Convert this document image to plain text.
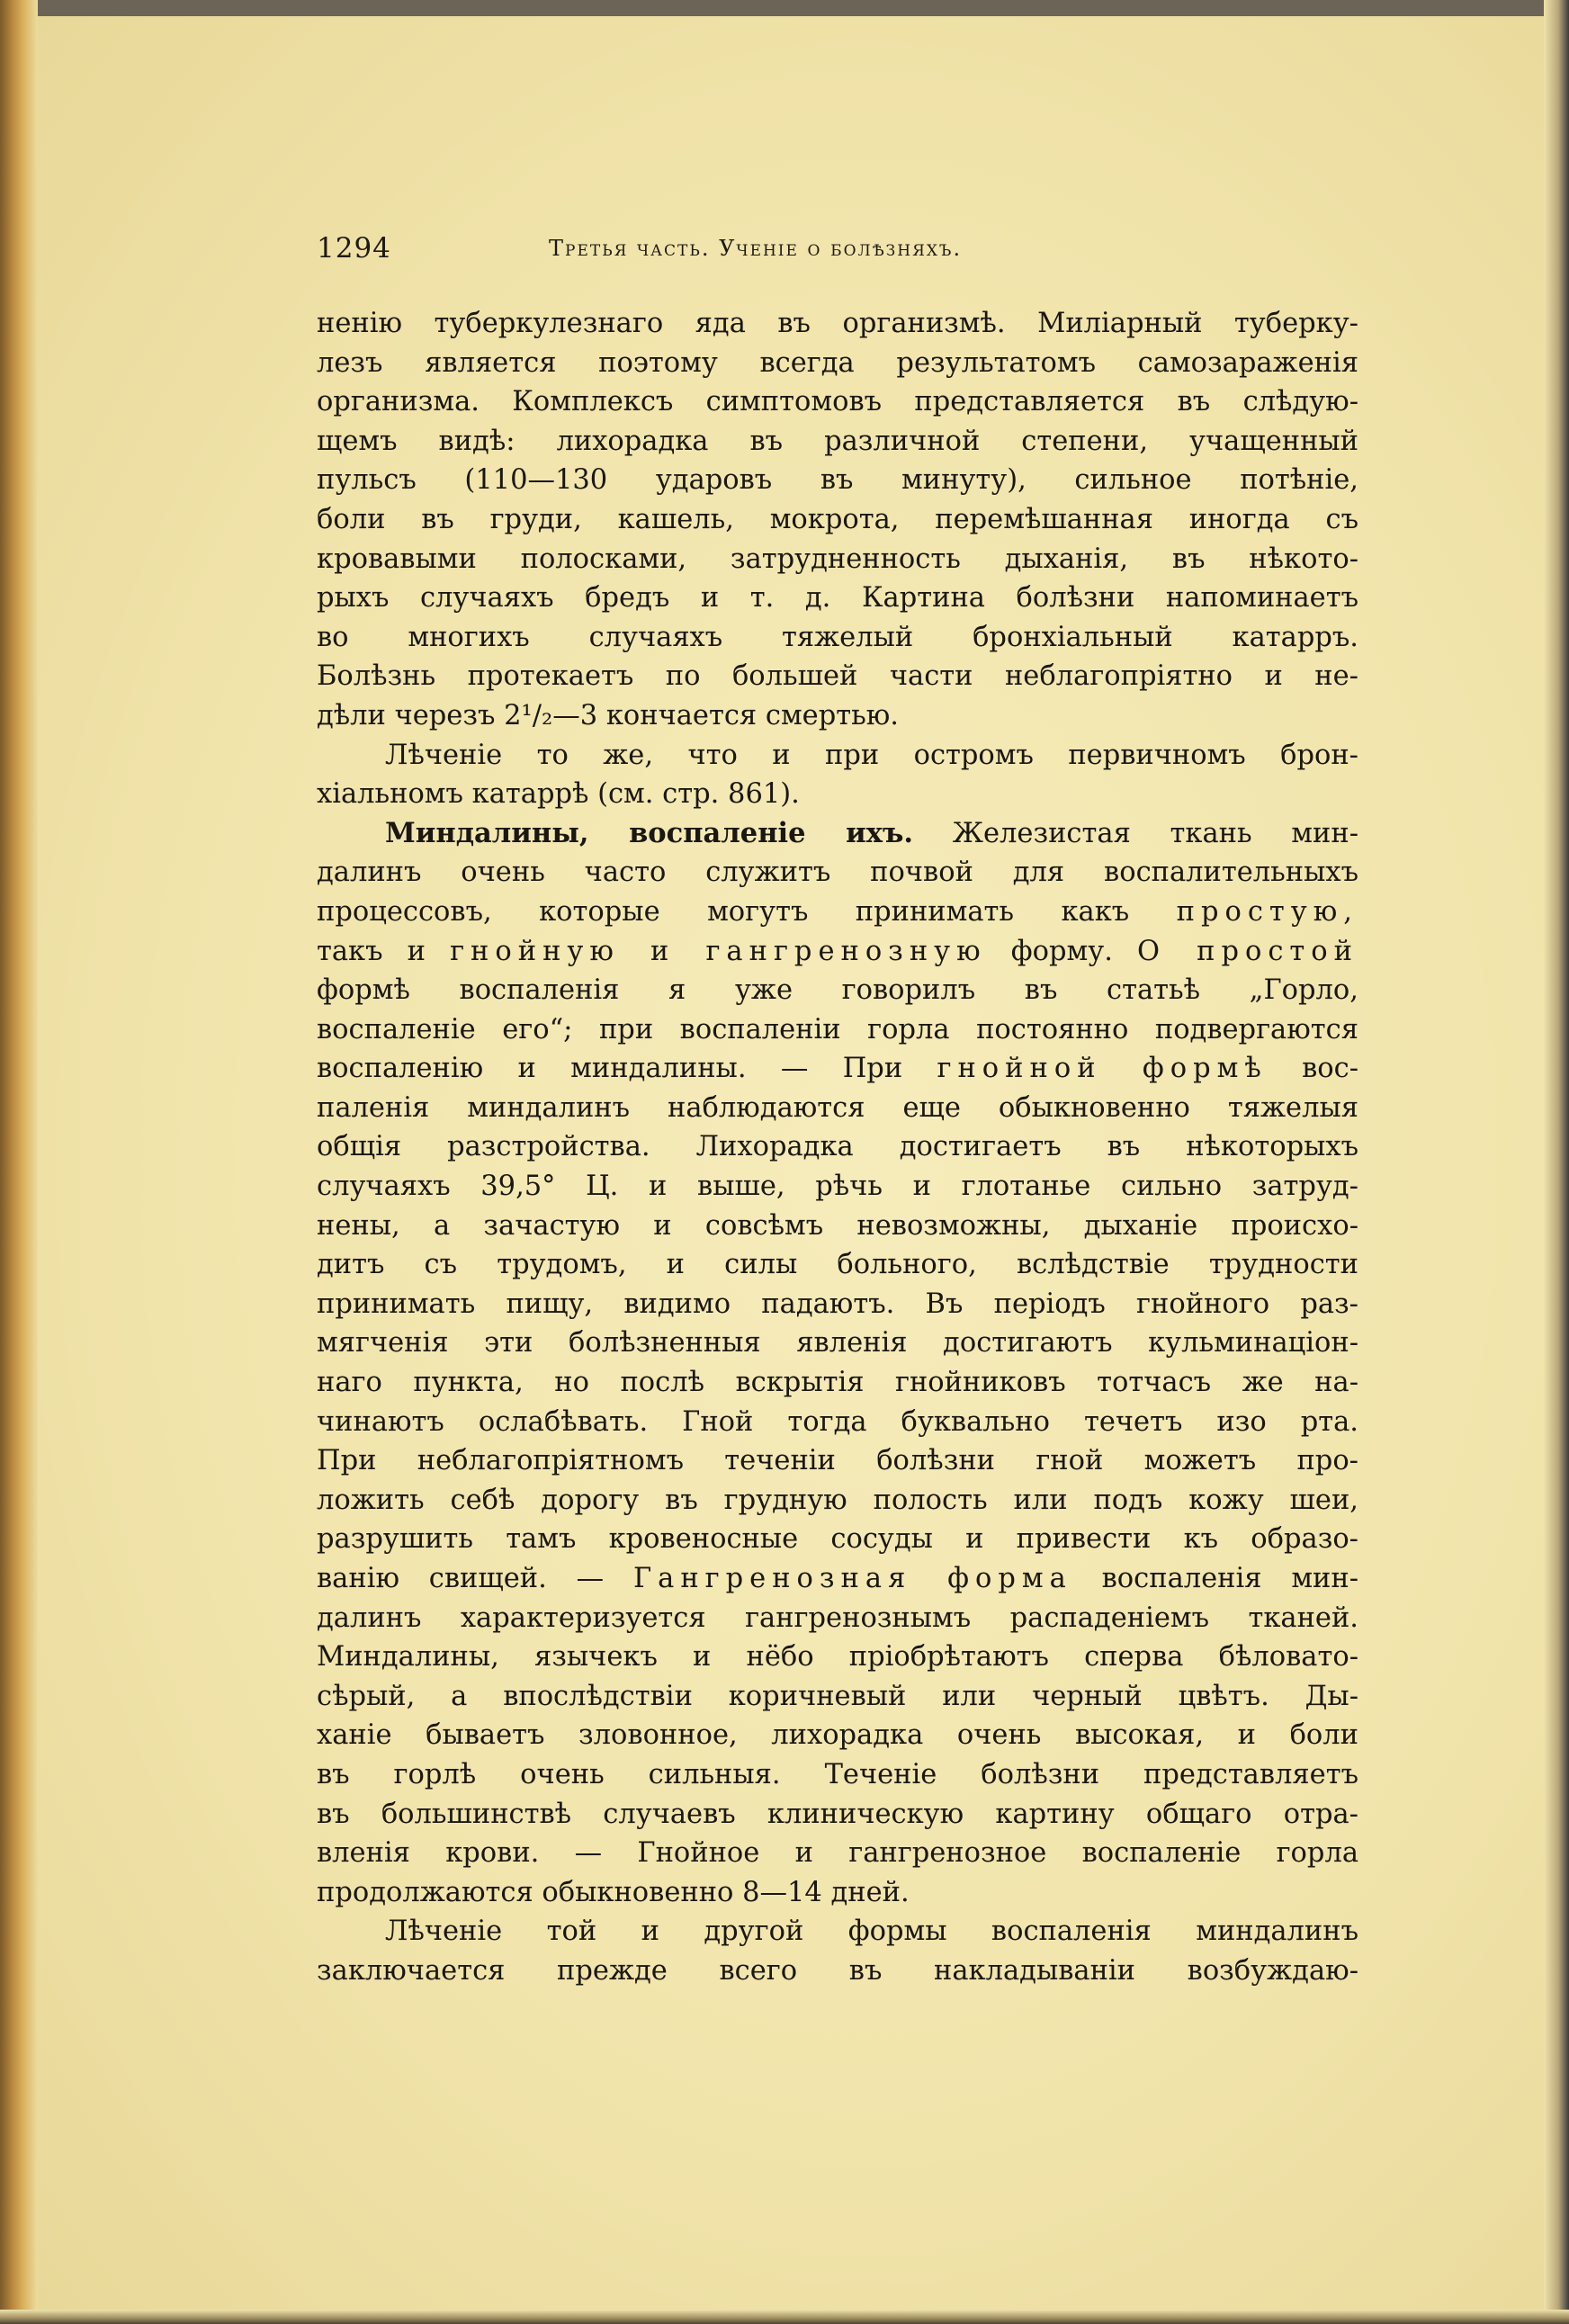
1294	Третья часть. Ученіе о болѣзняхъ.
ненію туберкулезнаго яда въ организмѣ. Миліарный туберку-
лезъ является поэтому всегда результатомъ самозараженія
организма. Комплексъ симптомовъ представляется въ слѣдую-
щемъ видѣ: лихорадка въ различной степени, учащенный
пульсъ (110—130 ударовъ въ минуту), сильное потѣніе,
боли въ груди, кашель, мокрота, перемѣшанная иногда съ
кровавыми полосками, затрудненность дыханія, въ нѣкото-
рыхъ случаяхъ бредъ и т. д. Картина болѣзни напоминаетъ
во многихъ случаяхъ тяжелый бронхіальный катарръ.
Болѣзнь протекаетъ по большей части неблагопріятно и не-
дѣли черезъ 2¹/₂—3 кончается смертью.
Лѣченіе то же, что и при остромъ первичномъ брон-
хіальномъ катаррѣ (см. стр. 861).
Миндалины, воспаленіе ихъ. Железистая ткань мин-
далинъ очень часто служитъ почвой для воспалительныхъ
процессовъ, которые могутъ принимать какъ простую,
такъ и гнойную и гангренозную форму. О простой
формѣ воспаленія я уже говорилъ въ статьѣ „Горло,
воспаленіе его“; при воспаленіи горла постоянно подвергаются
воспаленію и миндалины. — При гнойной формѣ вос-
паленія миндалинъ наблюдаются еще обыкновенно тяжелыя
общія разстройства. Лихорадка достигаетъ въ нѣкоторыхъ
случаяхъ 39,5° Ц. и выше, рѣчь и глотанье сильно затруд-
нены, а зачастую и совсѣмъ невозможны, дыханіе происхо-
дитъ съ трудомъ, и силы больного, вслѣдствіе трудности
принимать пищу, видимо падаютъ. Въ періодъ гнойного раз-
мягченія эти болѣзненныя явленія достигаютъ кульминаціон-
наго пункта, но послѣ вскрытія гнойниковъ тотчасъ же на-
чинаютъ ослабѣвать. Гной тогда буквально течетъ изо рта.
При неблагопріятномъ теченіи болѣзни гной можетъ про-
ложить себѣ дорогу въ грудную полость или подъ кожу шеи,
разрушить тамъ кровеносные сосуды и привести къ образо-
ванію свищей. — Гангренозная форма воспаленія мин-
далинъ характеризуется гангренознымъ распаденіемъ тканей.
Миндалины, язычекъ и нёбо пріобрѣтаютъ сперва бѣловато-
сѣрый, а впослѣдствіи коричневый или черный цвѣтъ. Ды-
ханіе бываетъ зловонное, лихорадка очень высокая, и боли
въ горлѣ очень сильныя. Теченіе болѣзни представляетъ
въ большинствѣ случаевъ клиническую картину общаго отра-
вленія крови. — Гнойное и гангренозное воспаленіе горла
продолжаются обыкновенно 8—14 дней.
Лѣченіе той и другой формы воспаленія миндалинъ
заключается прежде всего въ накладываніи возбуждаю-
